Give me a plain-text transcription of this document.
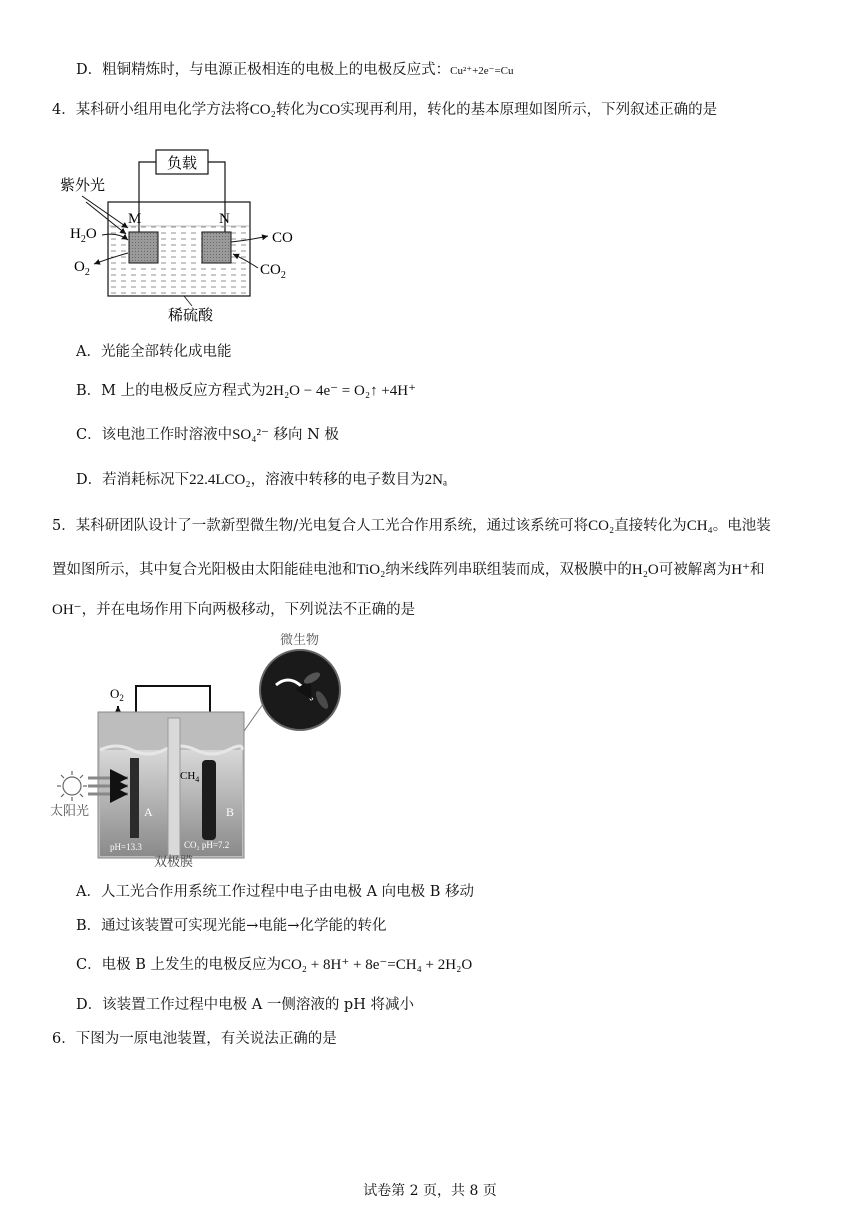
D．粗铜精炼时，与电源正极相连的电极上的电极反应式：Cu²⁺+2e⁻=Cu
4．某科研小组用电化学方法将CO₂转化为CO实现再利用，转化的基本原理如图所示，下列叙述正确的是
负载
M	N
紫外光
$H_2O$
$O_2$
CO
$CO_2$
稀硫酸
A．光能全部转化成电能
B．M 上的电极反应方程式为2H₂O − 4e⁻ = O₂↑ +4H⁺
C．该电池工作时溶液中SO₄²⁻ 移向 N 极
D．若消耗标况下22.4LCO₂，溶液中转移的电子数目为2Nₐ
5．某科研团队设计了一款新型微生物/光电复合人工光合作用系统，通过该系统可将CO₂直接转化为CH₄。电池装
置如图所示，其中复合光阳极由太阳能硅电池和TiO₂纳米线阵列串联组装而成，双极膜中的H₂O可被解离为H⁺和
OH⁻，并在电场作用下向两极移动，下列说法不正确的是
微生物
$O_2$
太阳光
$CH_4$
A	B
pH=13.3	CO₂ pH=7.2
双极膜
A．人工光合作用系统工作过程中电子由电极 A 向电极 B 移动
B．通过该装置可实现光能→电能→化学能的转化
C．电极 B 上发生的电极反应为CO₂ + 8H⁺ + 8e⁻=CH₄ + 2H₂O
D．该装置工作过程中电极 A 一侧溶液的 pH 将减小
6．下图为一原电池装置，有关说法正确的是
试卷第 2 页，共 8 页
